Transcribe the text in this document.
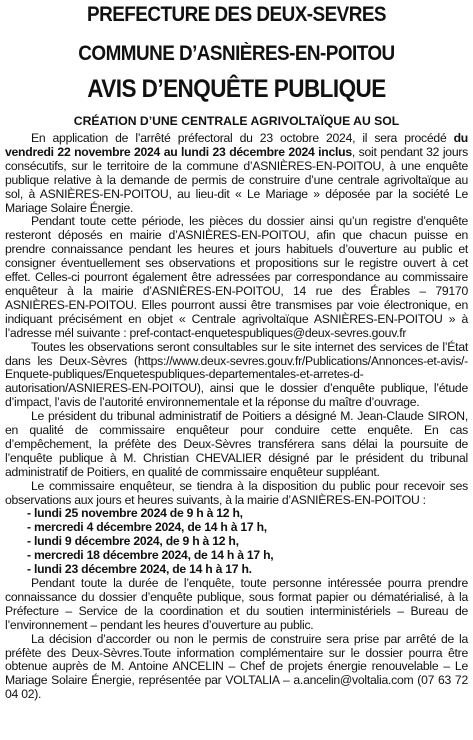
PREFECTURE DES DEUX-SEVRES
COMMUNE D’ASNIÈRES-EN-POITOU
AVIS D’ENQUÊTE PUBLIQUE
CRÉATION D’UNE CENTRALE AGRIVOLTAÏQUE AU SOL

En application de l’arrêté préfectoral du 23 octobre 2024, il sera procédé du vendredi 22 novembre 2024 au lundi 23 décembre 2024 inclus, soit pendant 32 jours consécutifs, sur le territoire de la commune d’ASNIÈRES-EN-POITOU, à une enquête publique relative à la demande de permis de construire d’une centrale agrivoltaïque au sol, à ASNIÈRES-EN-POITOU, au lieu-dit « Le Mariage » déposée par la société Le Mariage Solaire Énergie.

Pendant toute cette période, les pièces du dossier ainsi qu’un registre d’enquête resteront déposés en mairie d’ASNIÈRES-EN-POITOU, afin que chacun puisse en prendre connaissance pendant les heures et jours habituels d’ouverture au public et consigner éventuellement ses observations et propositions sur le registre ouvert à cet effet. Celles-ci pourront également être adressées par correspondance au commissaire enquêteur à la mairie d’ASNIÈRES-EN-POITOU, 14 rue des Érables – 79170 ASNIÈRES-EN-POITOU. Elles pourront aussi être transmises par voie électronique, en indiquant précisément en objet « Centrale agrivoltaïque ASNIÈRES-EN-POITOU » à l’adresse mél suivante : pref-contact-enquetespubliques@deux-sevres.gouv.fr

Toutes les observations seront consultables sur le site internet des services de l’État dans les Deux-Sèvres (https://www.deux-sevres.gouv.fr/Publications/Annonces-et-avis/-Enquete-publiques/Enquetespubliques-departementales-et-arretes-d-autorisation/ASNIERES-EN-POITOU), ainsi que le dossier d’enquête publique, l’étude d’impact, l’avis de l’autorité environnementale et la réponse du maître d’ouvrage.

Le président du tribunal administratif de Poitiers a désigné M. Jean-Claude SIRON, en qualité de commissaire enquêteur pour conduire cette enquête. En cas d’empêchement, la préfète des Deux-Sèvres transférera sans délai la poursuite de l’enquête publique à M. Christian CHEVALIER désigné par le président du tribunal administratif de Poitiers, en qualité de commissaire enquêteur suppléant.

Le commissaire enquêteur, se tiendra à la disposition du public pour recevoir ses observations aux jours et heures suivants, à la mairie d’ASNIÈRES-EN-POITOU :

- lundi 25 novembre 2024 de 9 h à 12 h,
- mercredi 4 décembre 2024, de 14 h à 17 h,
- lundi 9 décembre 2024, de 9 h à 12 h,
- mercredi 18 décembre 2024, de 14 h à 17 h,
- lundi 23 décembre 2024, de 14 h à 17 h.

Pendant toute la durée de l’enquête, toute personne intéressée pourra prendre connaissance du dossier d’enquête publique, sous format papier ou dématérialisé, à la Préfecture – Service de la coordination et du soutien interministériels – Bureau de l’environnement – pendant les heures d’ouverture au public.

La décision d’accorder ou non le permis de construire sera prise par arrêté de la préfète des Deux-Sèvres.Toute information complémentaire sur le dossier pourra être obtenue auprès de M. Antoine ANCELIN – Chef de projets énergie renouvelable – Le Mariage Solaire Énergie, représentée par VOLTALIA – a.ancelin@voltalia.com (07 63 72 04 02).
